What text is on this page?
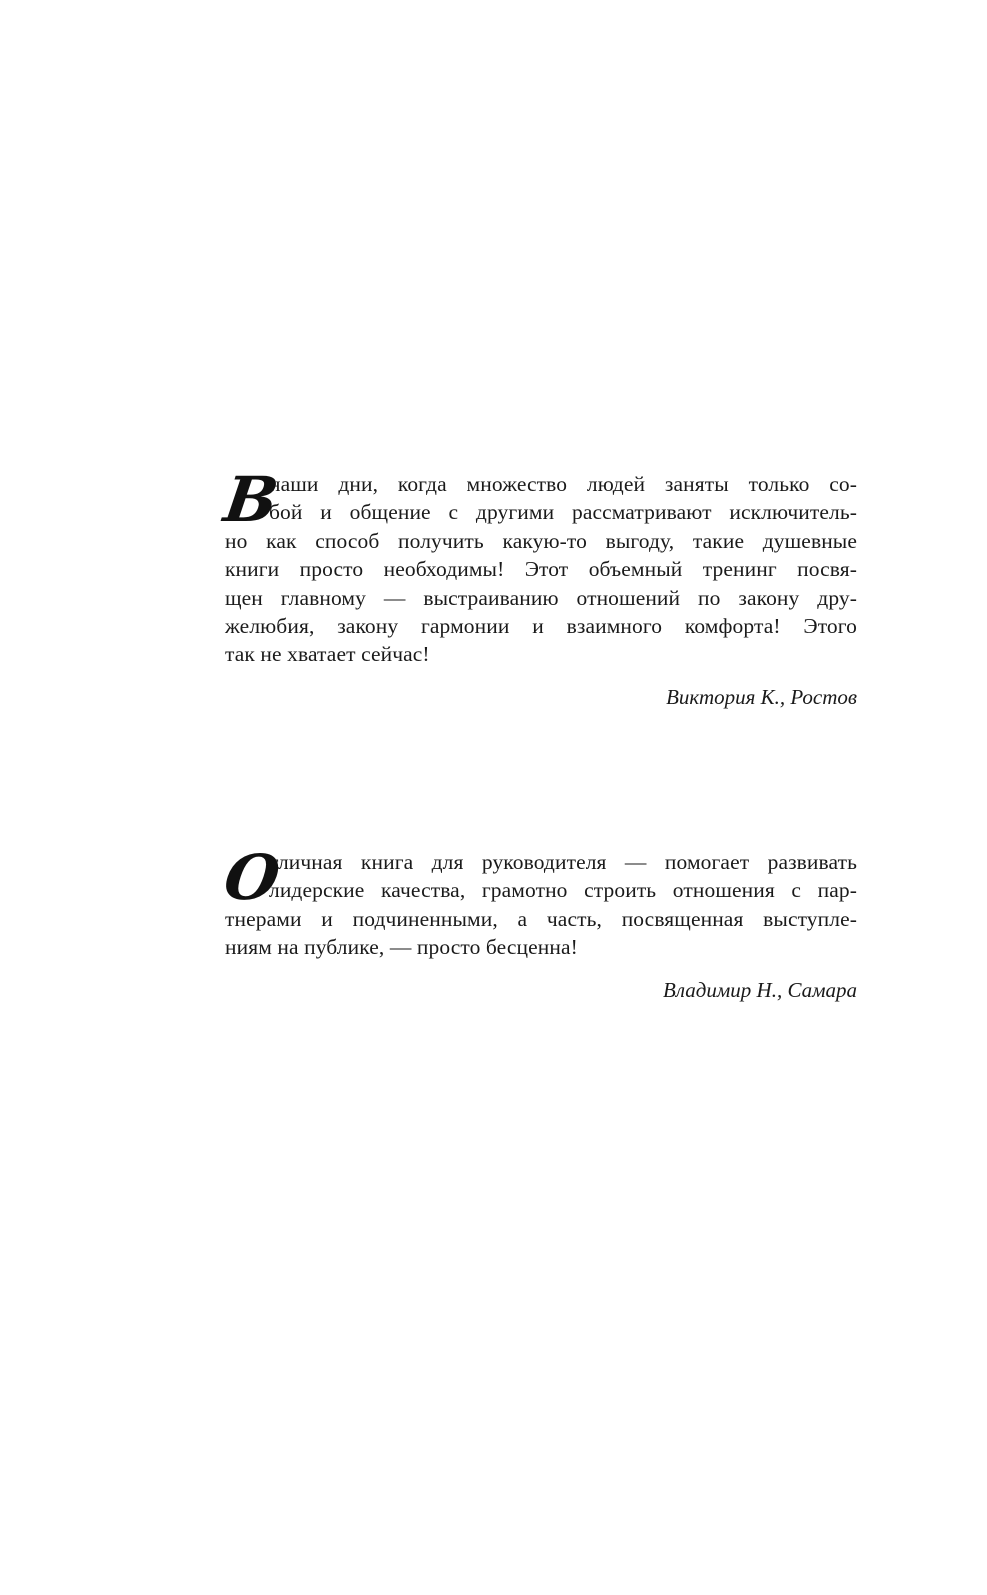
В
наши дни, когда множество людей заняты только со-
бой и общение с другими рассматривают исключитель-
но как способ получить какую-то выгоду, такие душевные
книги просто необходимы! Этот объемный тренинг посвя-
щен главному — выстраиванию отношений по закону дру-
желюбия, закону гармонии и взаимного комфорта! Этого
так не хватает сейчас!
Виктория К., Ростов
О
тличная книга для руководителя — помогает развивать
лидерские качества, грамотно строить отношения с пар-
тнерами и подчиненными, а часть, посвященная выступле-
ниям на публике, — просто бесценна!
Владимир Н., Самара
